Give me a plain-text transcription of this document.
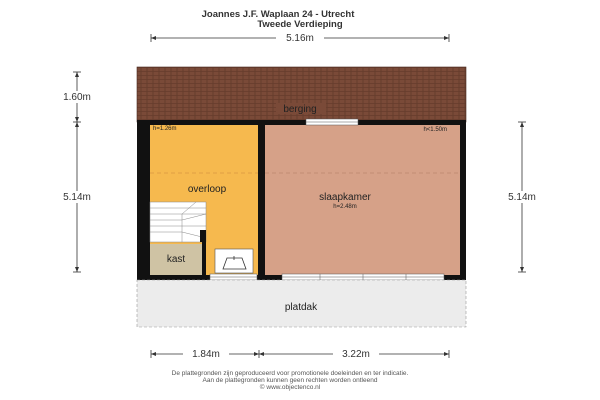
Joannes J.F. Waplaan 24 - Utrecht
Tweede Verdieping
5.16m
1.60m
5.14m	5.14m
berging
h=1.26m
overloop
kast
h<1.50m
slaapkamer
h=2.48m
platdak
1.84m	3.22m
De plattegronden zijn geproduceerd voor promotionele doeleinden en ter indicatie.
Aan de plattegronden kunnen geen rechten worden ontleend
© www.objectenco.nl
